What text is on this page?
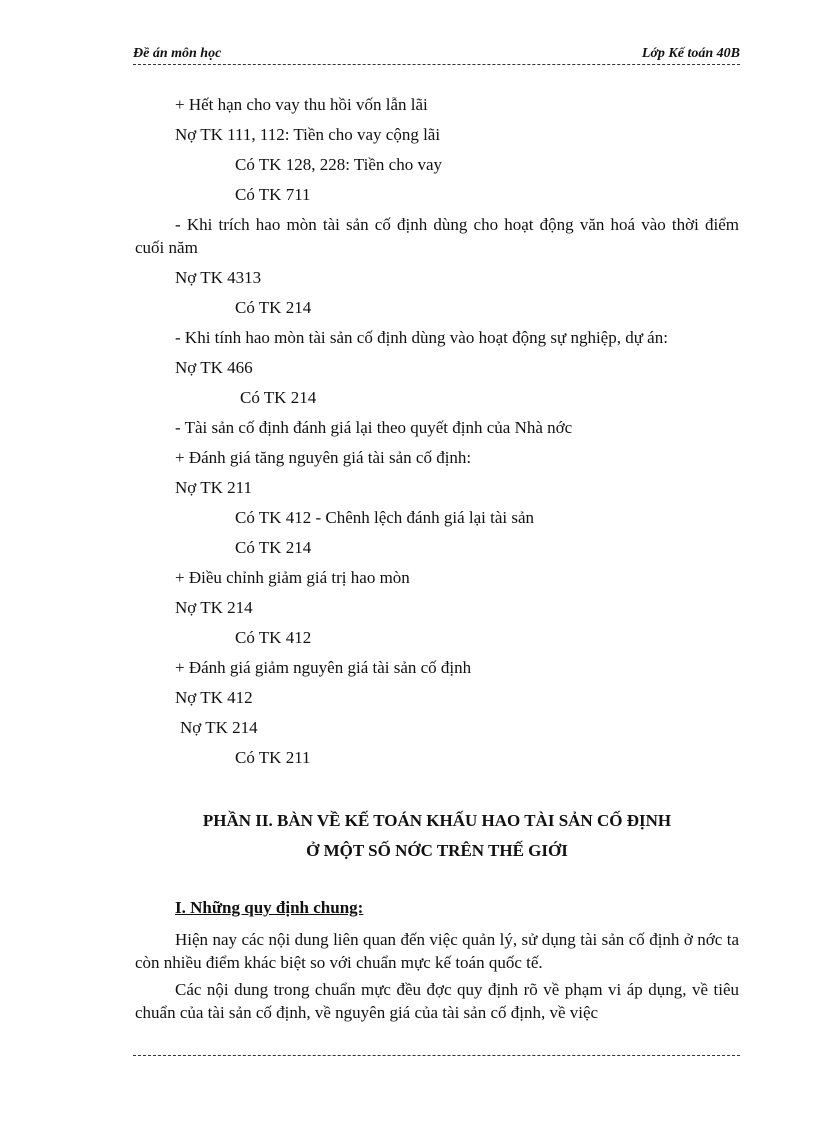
Đề án môn học	Lớp Kế toán 40B
+ Hết hạn cho vay thu hồi vốn lẫn lãi
Nợ TK 111, 112: Tiền cho vay cộng lãi
Có TK 128, 228: Tiền cho vay
Có TK 711
- Khi trích hao mòn tài sản cố định dùng cho hoạt động văn hoá vào thời điểm cuối năm
Nợ TK 4313
Có TK 214
- Khi tính hao mòn tài sản cố định dùng vào hoạt động sự nghiệp, dự án:
Nợ TK 466
Có TK 214
- Tài sản cố định đánh giá lại theo quyết định của Nhà nớc
+ Đánh giá tăng nguyên giá tài sản cố định:
Nợ TK 211
Có TK 412 - Chênh lệch đánh giá lại tài sản
Có TK 214
+ Điều chỉnh giảm giá trị hao mòn
Nợ TK 214
Có TK 412
+ Đánh giá giảm nguyên giá tài sản cố định
Nợ TK 412
Nợ TK 214
Có TK 211
PHẦN II. BÀN VỀ KẾ TOÁN KHẤU HAO TÀI SẢN CỐ ĐỊNH
Ở MỘT SỐ NỚC TRÊN THẾ GIỚI
I. Những quy định chung:
Hiện nay các nội dung liên quan đến việc quản lý, sử dụng tài sản cố định ở nớc ta còn nhiều điểm khác biệt so với chuẩn mực kế toán quốc tế.
Các nội dung trong chuẩn mực đều đợc quy định rõ về phạm vi áp dụng, về tiêu chuẩn của tài sản cố định, về nguyên giá của tài sản cố định, về việc
